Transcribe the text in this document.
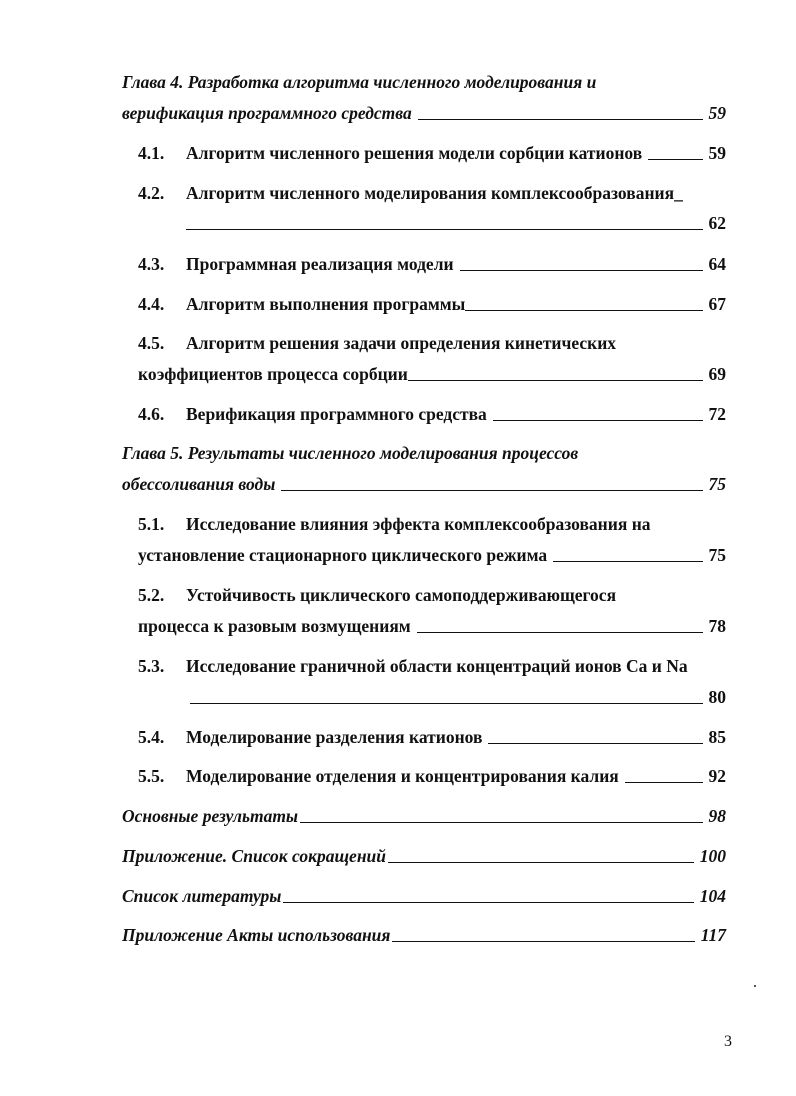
Глава 4. Разработка алгоритма численного моделирования и
верификация программного средства	59
4.1.	Алгоритм численного решения модели сорбции катионов	59
4.2. Алгоритм численного моделирования комплексообразования_
62
4.3.	Программная реализация модели	64
4.4.	Алгоритм выполнения программы	67
4.5. Алгоритм решения задачи определения кинетических
коэффициентов процесса сорбции	69
4.6.	Верификация программного средства	72
Глава 5. Результаты численного моделирования процессов
обессоливания воды	75
5.1. Исследование влияния эффекта комплексообразования на
установление стационарного циклического режима	75
5.2. Устойчивость циклического самоподдерживающегося
процесса к разовым возмущениям	78
5.3. Исследование граничной области концентраций ионов Ca и Na
80
5.4.	Моделирование разделения катионов	85
5.5.	Моделирование отделения и концентрирования калия	92
Основные результаты	98
Приложение. Список сокращений	100
Список литературы	104
Приложение Акты использования	117
3
